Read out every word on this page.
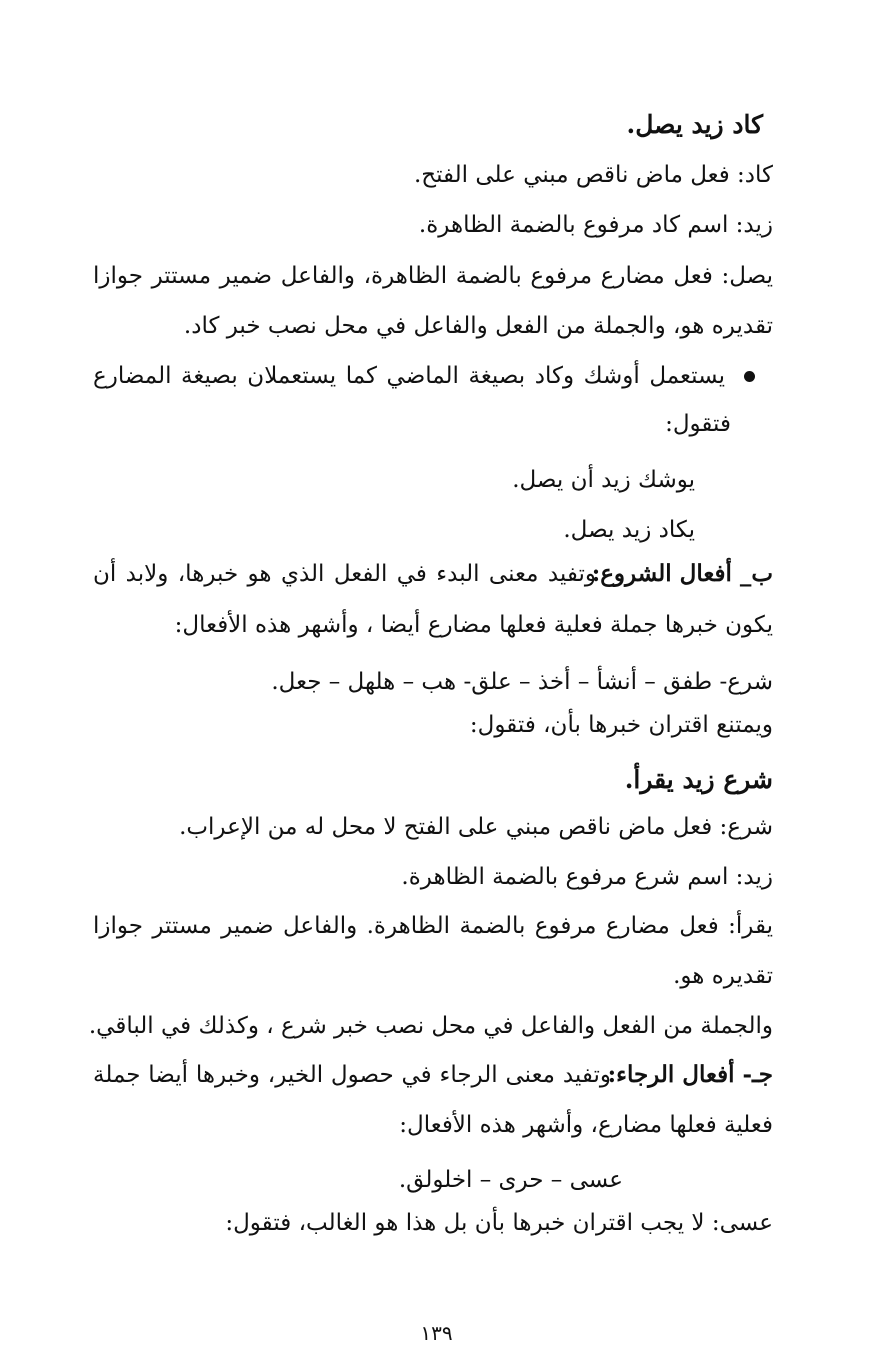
كاد زيد يصل.
كاد: فعل ماض ناقص مبني على الفتح.
زيد: اسم كاد مرفوع بالضمة الظاهرة.
يصل: فعل مضارع مرفوع بالضمة الظاهرة، والفاعل ضمير مستتر جوازا
تقديره هو، والجملة من الفعل والفاعل في محل نصب خبر كاد.
يستعمل أوشك وكاد بصيغة الماضي كما يستعملان بصيغة المضارع
فتقول:
يوشك زيد أن يصل.
يكاد زيد يصل.
ب_ أفعال الشروع:
وتفيد معنى البدء في الفعل الذي هو خبرها، ولابد أن
يكون خبرها جملة فعلية فعلها مضارع أيضا ، وأشهر هذه الأفعال:
شرع- طفق – أنشأ – أخذ – علق- هب – هلهل – جعل.
ويمتنع اقتران خبرها بأن، فتقول:
شرع زيد يقرأ.
شرع: فعل ماض ناقص مبني على الفتح لا محل له من الإعراب.
زيد: اسم شرع مرفوع بالضمة الظاهرة.
يقرأ: فعل مضارع مرفوع بالضمة الظاهرة. والفاعل ضمير مستتر جوازا
تقديره هو.
والجملة من الفعل والفاعل في محل نصب خبر شرع ، وكذلك في الباقي.
جـ- أفعال الرجاء:
وتفيد معنى الرجاء في حصول الخير، وخبرها أيضا جملة
فعلية فعلها مضارع، وأشهر هذه الأفعال:
عسى – حرى – اخلولق.
عسى: لا يجب اقتران خبرها بأن بل هذا هو الغالب، فتقول:
١٣٩
